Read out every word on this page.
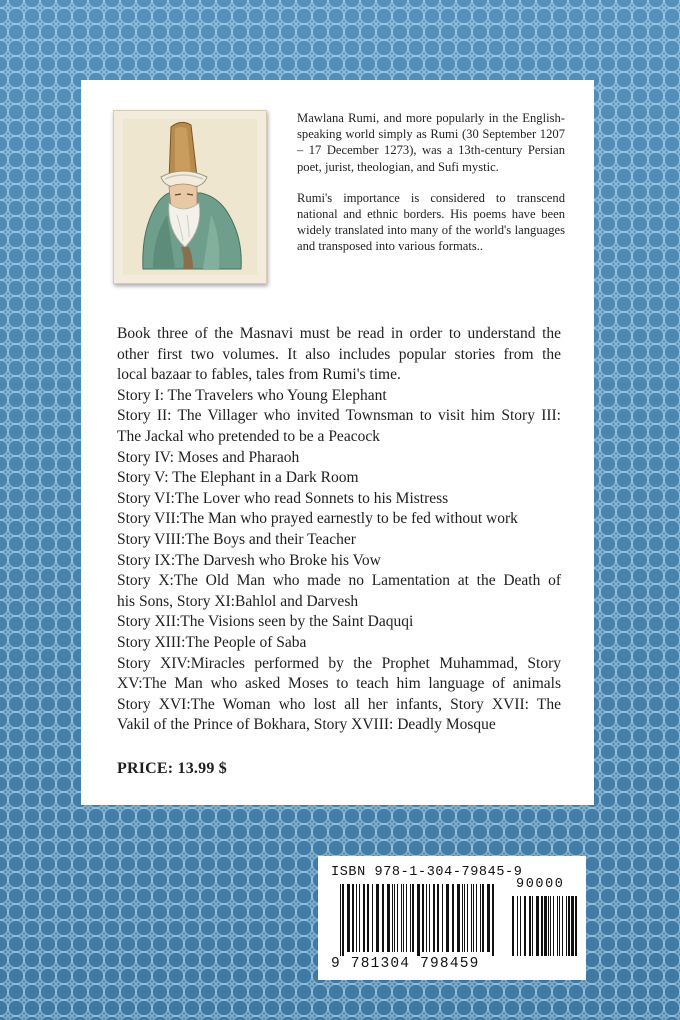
Mawlana Rumi, and more popularly in the English-speaking world simply as Rumi (30 September 1207 – 17 December 1273), was a 13th-century Persian poet, jurist, theologian, and Sufi mystic.

Rumi's importance is considered to transcend national and ethnic borders. His poems have been widely translated into many of the world's languages and transposed into various formats..

Book three of the Masnavi must be read in order to understand the
other first two volumes. It also includes popular stories from the
local bazaar to fables, tales from Rumi's time.
Story I: The Travelers who Young Elephant
Story II: The Villager who invited Townsman to visit him Story III:
The Jackal who pretended to be a Peacock
Story IV: Moses and Pharaoh
Story V: The Elephant in a Dark Room
Story VI:The Lover who read Sonnets to his Mistress
Story VII:The Man who prayed earnestly to be fed without work
Story VIII:The Boys and their Teacher
Story IX:The Darvesh who Broke his Vow
Story X:The Old Man who made no Lamentation at the Death of
his Sons, Story XI:Bahlol and Darvesh
Story XII:The Visions seen by the Saint Daquqi
Story XIII:The People of Saba
Story XIV:Miracles performed by the Prophet Muhammad, Story
XV:The Man who asked Moses to teach him language of animals
Story XVI:The Woman who lost all her infants, Story XVII: The
Vakil of the Prince of Bokhara, Story XVIII: Deadly Mosque
PRICE: 13.99 $
ISBN 978-1-304-79845-9
90000
9 781304 798459
